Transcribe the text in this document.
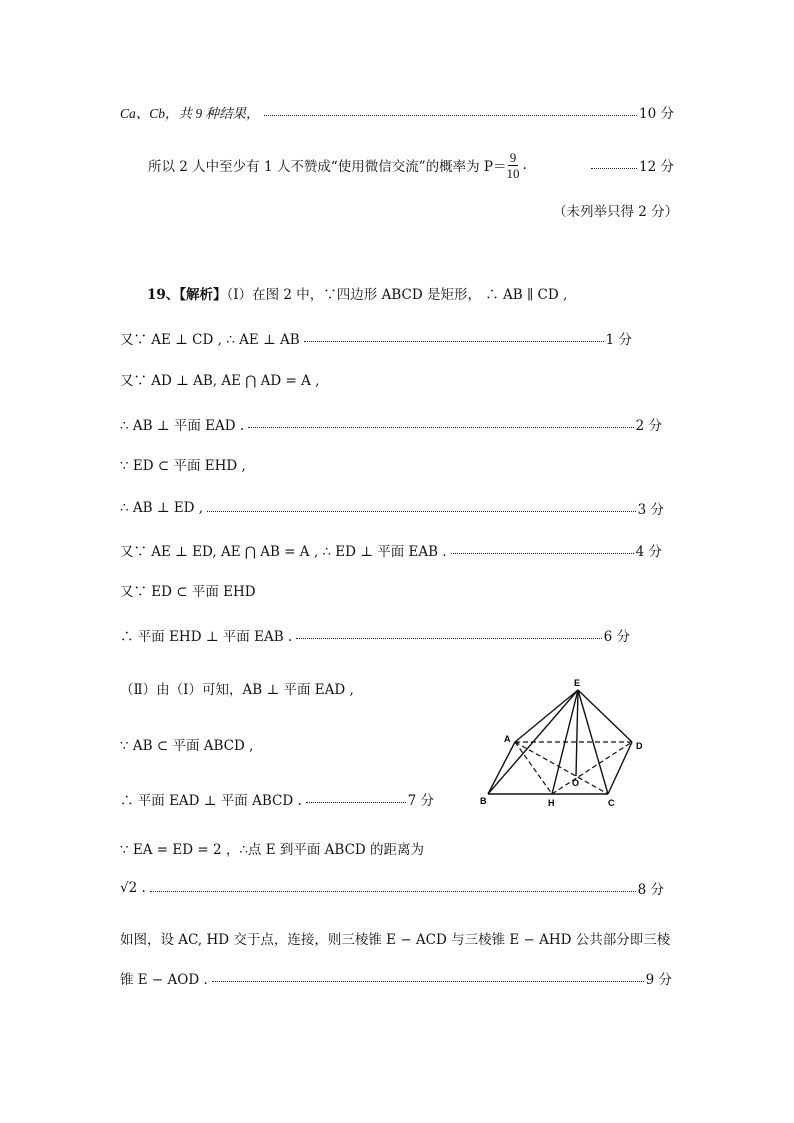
Ca、Cb，共 9 种结果，	10 分
所以 2 人中至少有 1 人不赞成“使用微信交流”的概率为 $P= \frac{9}{10}$ .	12 分
（未列举只得 2 分）
19、【解析】（Ⅰ）在图 2 中，∵四边形 ABCD 是矩形， ∴ AB ∥ CD ,
又∵ AE ⊥ CD , ∴ AE ⊥ AB	1 分
又∵ AD ⊥ AB, AE ⋂ AD = A ,
∴ AB ⊥ 平面 EAD .	2 分
∵ ED ⊂ 平面 EHD ,
∴ AB ⊥ ED ,	3 分
又∵ AE ⊥ ED, AE ⋂ AB = A , ∴ ED ⊥ 平面 EAB .	4 分
又∵ ED ⊂ 平面 EHD
∴ 平面 EHD ⊥ 平面 EAB .	6 分
（Ⅱ）由（Ⅰ）可知，AB ⊥ 平面 EAD ,
∵ AB ⊂ 平面 ABCD ,
∴ 平面 EAD ⊥ 平面 ABCD .	7 分
∵ EA = ED = 2 ，∴点 E 到平面 ABCD 的距离为
√2 .	8 分
如图，设 AC, HD 交于点，连接，则三棱锥 E − ACD 与三棱锥 E − AHD 公共部分即三棱
锥 E − AOD .	9 分
E
A
D
B	H	C
O
